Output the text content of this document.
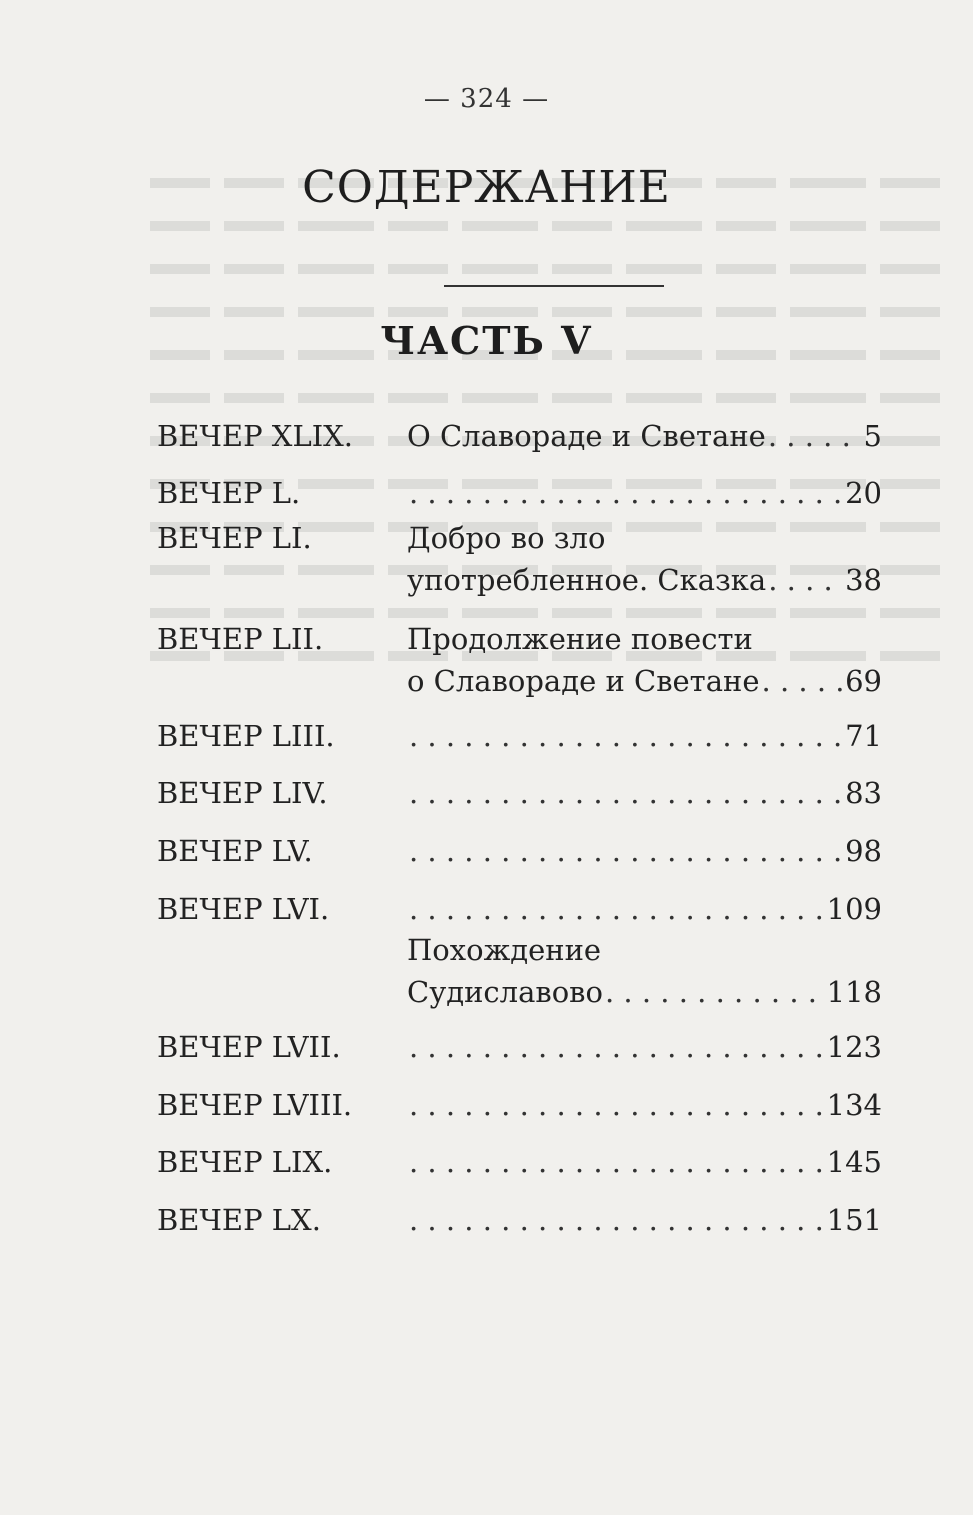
— 324 —
СОДЕРЖАНИЕ
ЧАСТЬ V
ВЕЧЕР XLIX. О Славораде и Светане . . .	5
ВЕЧЕР L. . . .	20
ВЕЧЕР LI.	Добро во зло
употребленное. Сказка . . .	38
ВЕЧЕР LII.	Продолжение повести
о Славораде и Светане . . .	69
ВЕЧЕР LIII. . . .	71
ВЕЧЕР LIV. . . .	83
ВЕЧЕР LV. . . .	98
ВЕЧЕР LVI. . . .	109
Похождение
Судиславово . . .	118
ВЕЧЕР LVII. . . .	123
ВЕЧЕР LVIII. . . .	134
ВЕЧЕР LIX. . . .	145
ВЕЧЕР LX. . . .	151
